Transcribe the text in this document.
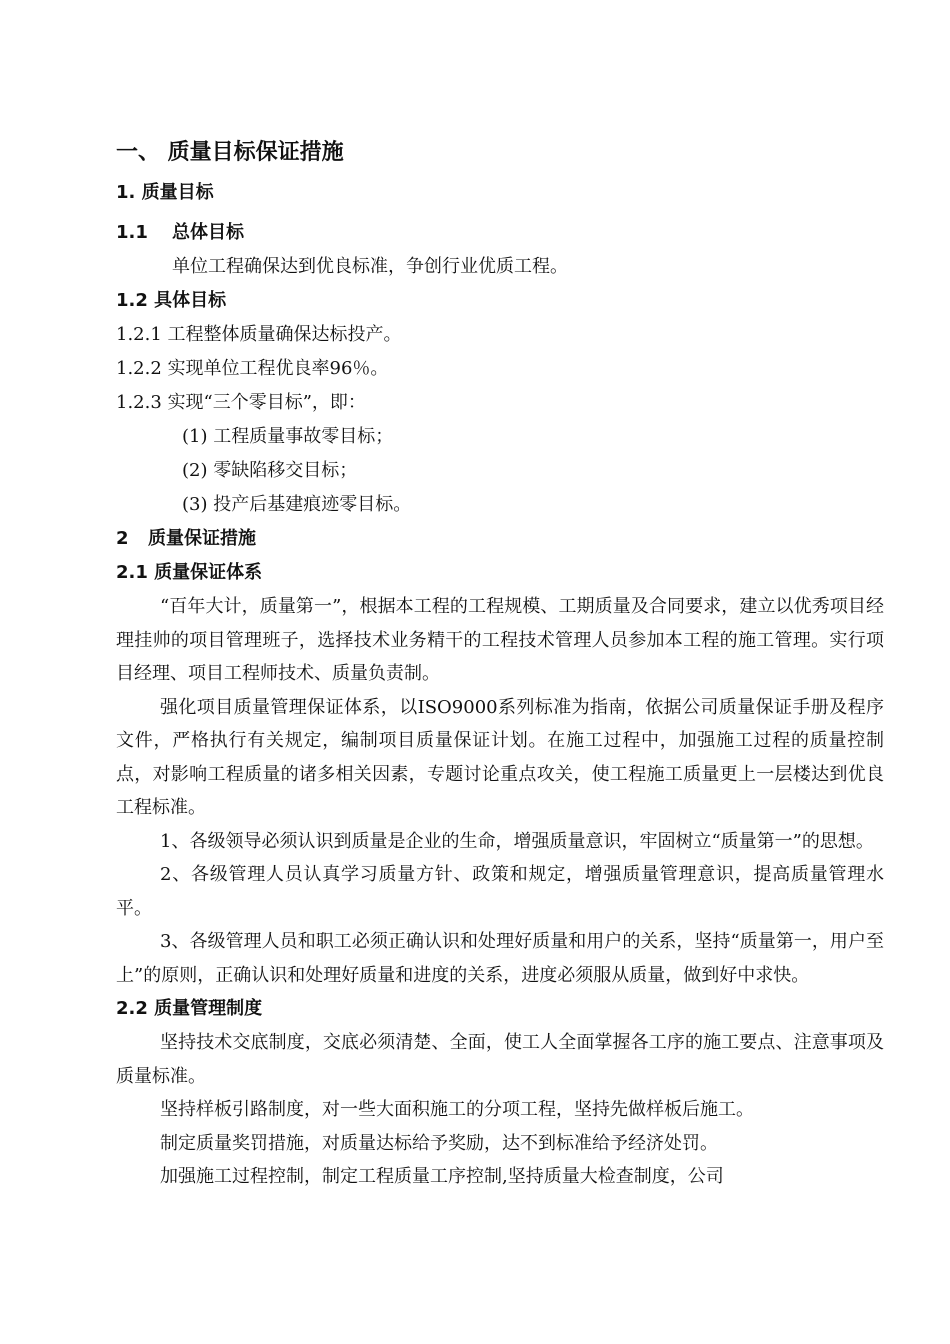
一、 质量目标保证措施
1. 质量目标
1.1 总体目标
单位工程确保达到优良标准，争创行业优质工程。
1.2 具体目标
1.2.1 工程整体质量确保达标投产。
1.2.2 实现单位工程优良率96％。
1.2.3 实现“三个零目标”，即：
(1) 工程质量事故零目标；
(2) 零缺陷移交目标；
(3) 投产后基建痕迹零目标。
2 质量保证措施
2.1 质量保证体系

“百年大计，质量第一”，根据本工程的工程规模、工期质量及合同要求，建立以优秀项目经理挂帅的项目管理班子，选择技术业务精干的工程技术管理人员参加本工程的施工管理。实行项目经理、项目工程师技术、质量负责制。

强化项目质量管理保证体系，以ISO9000系列标准为指南，依据公司质量保证手册及程序文件，严格执行有关规定，编制项目质量保证计划。在施工过程中，加强施工过程的质量控制点，对影响工程质量的诸多相关因素，专题讨论重点攻关，使工程施工质量更上一层楼达到优良工程标准。

1、各级领导必须认识到质量是企业的生命，增强质量意识，牢固树立“质量第一”的思想。

2、各级管理人员认真学习质量方针、政策和规定，增强质量管理意识，提高质量管理水平。

3、各级管理人员和职工必须正确认识和处理好质量和用户的关系，坚持“质量第一，用户至上”的原则，正确认识和处理好质量和进度的关系，进度必须服从质量，做到好中求快。

2.2 质量管理制度

坚持技术交底制度，交底必须清楚、全面，使工人全面掌握各工序的施工要点、注意事项及质量标准。

坚持样板引路制度，对一些大面积施工的分项工程，坚持先做样板后施工。

制定质量奖罚措施，对质量达标给予奖励，达不到标准给予经济处罚。

加强施工过程控制，制定工程质量工序控制,坚持质量大检查制度，公司
